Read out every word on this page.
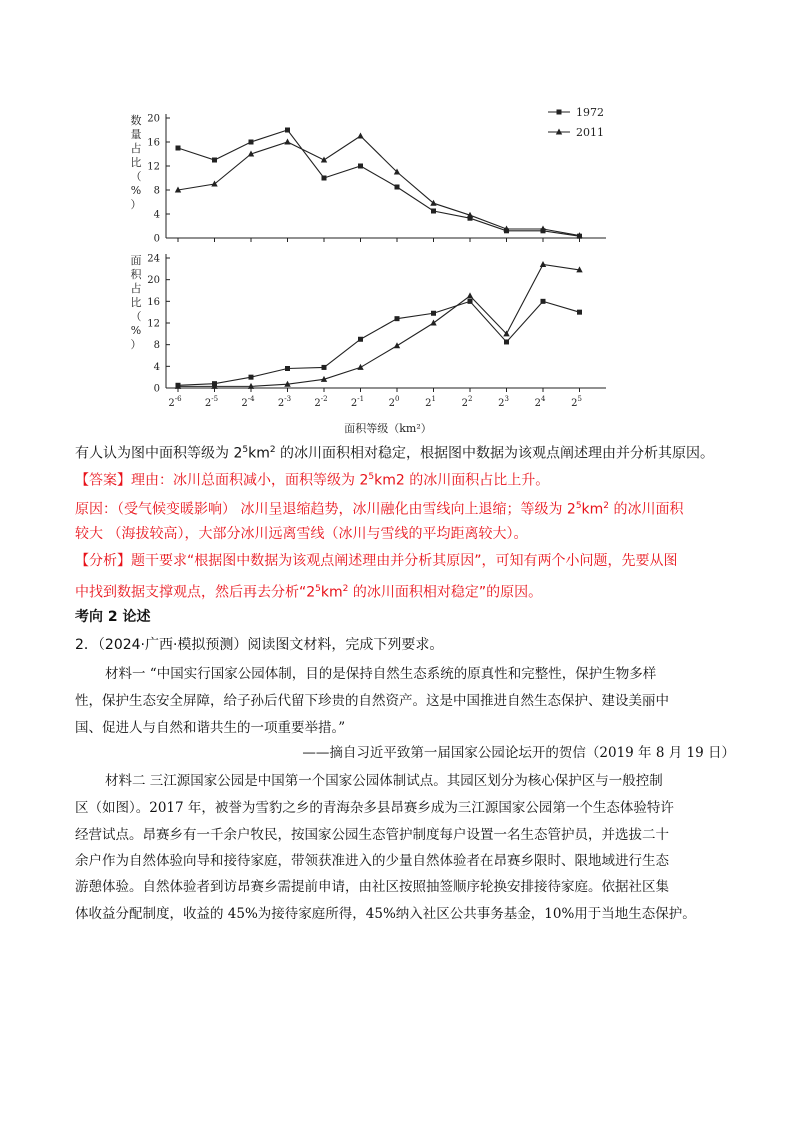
0
4
8
12
16
20
数
量
占
比
（
%
）
1972
2011
0
4
8
12
16
20
24
$2^{-6}$ $2^{-5}$ $2^{-4}$ $2^{-3}$ $2^{-2}$ $2^{-1}$ $2^0$	$2^1$	$2^2$	$2^3$	$2^4$	$2^5$
面
积
占
比
（
%
）
面积等级（km²）
有人认为图中面积等级为 $2^5km^2$ 的冰川面积相对稳定，根据图中数据为该观点阐述理由并分析其原因。
【答案】理由：冰川总面积减小，面积等级为 $2^5km2$ 的冰川面积占比上升。
原因：（受气候变暖影响） 冰川呈退缩趋势，冰川融化由雪线向上退缩；等级为 $2^5km^2$ 的冰川面积
较大 （海拔较高），大部分冰川远离雪线（冰川与雪线的平均距离较大）。
【分析】题干要求“根据图中数据为该观点阐述理由并分析其原因”，可知有两个小问题，先要从图
中找到数据支撑观点，然后再去分析“$2^5km^2$ 的冰川面积相对稳定”的原因。
考向 2 论述
2．（2024·广西·模拟预测）阅读图文材料，完成下列要求。
材料一 “中国实行国家公园体制，目的是保持自然生态系统的原真性和完整性，保护生物多样
性，保护生态安全屏障，给子孙后代留下珍贵的自然资产。这是中国推进自然生态保护、建设美丽中
国、促进人与自然和谐共生的一项重要举措。”
——摘自习近平致第一届国家公园论坛开的贺信（2019 年 8 月 19 日）
材料二 三江源国家公园是中国第一个国家公园体制试点。其园区划分为核心保护区与一般控制
区（如图）。2017 年，被誉为雪豹之乡的青海杂多县昂赛乡成为三江源国家公园第一个生态体验特许
经营试点。昂赛乡有一千余户牧民，按国家公园生态管护制度每户设置一名生态管护员，并选拔二十
余户作为自然体验向导和接待家庭，带领获准进入的少量自然体验者在昂赛乡限时、限地域进行生态
游憩体验。自然体验者到访昂赛乡需提前申请，由社区按照抽签顺序轮换安排接待家庭。依据社区集
体收益分配制度，收益的 45%为接待家庭所得，45%纳入社区公共事务基金，10%用于当地生态保护。
